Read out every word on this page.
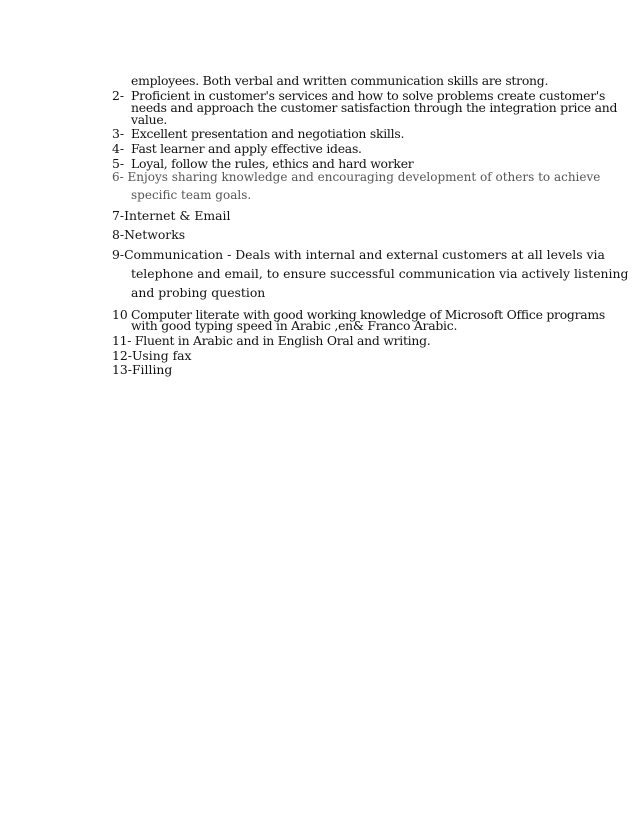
employees. Both verbal and written communication skills are strong.

2- Proficient in customer's services and how to solve problems create customer's

needs and approach the customer satisfaction through the integration price and

value.

3- Excellent presentation and negotiation skills.

4- Fast learner and apply effective ideas.

5- Loyal, follow the rules, ethics and hard worker

6- Enjoys sharing knowledge and encouraging development of others to achieve

specific team goals.

7-Internet & Email

8-Networks

9-Communication - Deals with internal and external customers at all levels via

telephone and email, to ensure successful communication via actively listening

and probing question

10 Computer literate with good working knowledge of Microsoft Office programs

with good typing speed in Arabic ,en& Franco Arabic.

11- Fluent in Arabic and in English Oral and writing.

12-Using fax

13-Filling
